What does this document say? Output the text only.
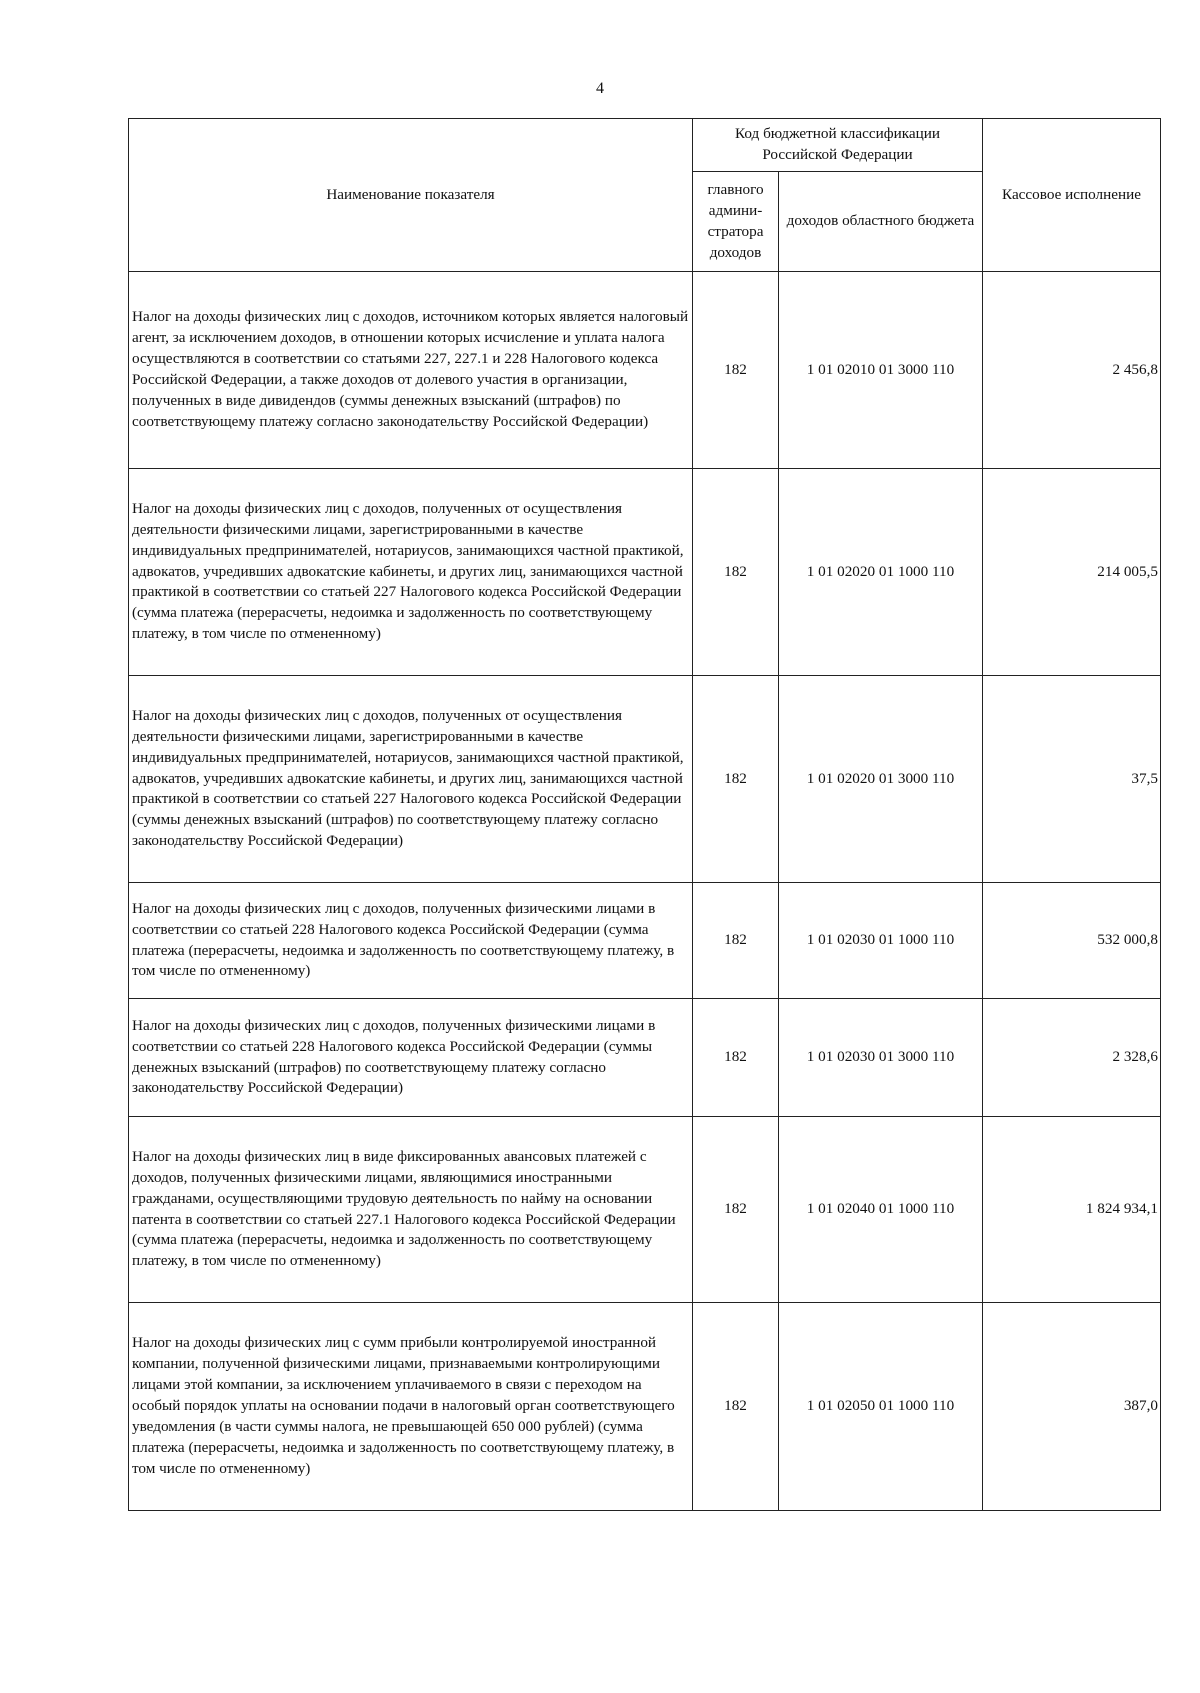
4
Наименование показателя	Код бюджетной классификации Российской Федерации		Кассовое исполнение
	главного админи- стратора доходов	доходов областного бюджета	
Налог на доходы физических лиц с доходов, источником которых является налоговый агент, за исключением доходов, в отношении которых исчисление и уплата налога осуществляются в соответствии со статьями 227, 227.1 и 228 Налогового кодекса Российской Федерации, а также доходов от долевого участия в организации, полученных в виде дивидендов (суммы денежных взысканий (штрафов) по соответствующему платежу согласно законодательству Российской Федерации)	182	1 01 02010 01 3000 110	2 456,8
Налог на доходы физических лиц с доходов, полученных от осуществления деятельности физическими лицами, зарегистрированными в качестве индивидуальных предпринимателей, нотариусов, занимающихся частной практикой, адвокатов, учредивших адвокатские кабинеты, и других лиц, занимающихся частной практикой в соответствии со статьей 227 Налогового кодекса Российской Федерации (сумма платежа (перерасчеты, недоимка и задолженность по соответствующему платежу, в том числе по отмененному)	182	1 01 02020 01 1000 110	214 005,5
Налог на доходы физических лиц с доходов, полученных от осуществления деятельности физическими лицами, зарегистрированными в качестве индивидуальных предпринимателей, нотариусов, занимающихся частной практикой, адвокатов, учредивших адвокатские кабинеты, и других лиц, занимающихся частной практикой в соответствии со статьей 227 Налогового кодекса Российской Федерации (суммы денежных взысканий (штрафов) по соответствующему платежу согласно законодательству Российской Федерации)	182	1 01 02020 01 3000 110	37,5
Налог на доходы физических лиц с доходов, полученных физическими лицами в соответствии со статьей 228 Налогового кодекса Российской Федерации (сумма платежа (перерасчеты, недоимка и задолженность по соответствующему платежу, в том числе по отмененному)	182	1 01 02030 01 1000 110	532 000,8
Налог на доходы физических лиц с доходов, полученных физическими лицами в соответствии со статьей 228 Налогового кодекса Российской Федерации (суммы денежных взысканий (штрафов) по соответствующему платежу согласно законодательству Российской Федерации)	182	1 01 02030 01 3000 110	2 328,6
Налог на доходы физических лиц в виде фиксированных авансовых платежей с доходов, полученных физическими лицами, являющимися иностранными гражданами, осуществляющими трудовую деятельность по найму на основании патента в соответствии со статьей 227.1 Налогового кодекса Российской Федерации (сумма платежа (перерасчеты, недоимка и задолженность по соответствующему платежу, в том числе по отмененному)	182	1 01 02040 01 1000 110	1 824 934,1
Налог на доходы физических лиц с сумм прибыли контролируемой иностранной компании, полученной физическими лицами, признаваемыми контролирующими лицами этой компании, за исключением уплачиваемого в связи с переходом на особый порядок уплаты на основании подачи в налоговый орган соответствующего уведомления (в части суммы налога, не превышающей 650 000 рублей) (сумма платежа (перерасчеты, недоимка и задолженность по соответствующему платежу, в том числе по отмененному)	182	1 01 02050 01 1000 110	387,0
